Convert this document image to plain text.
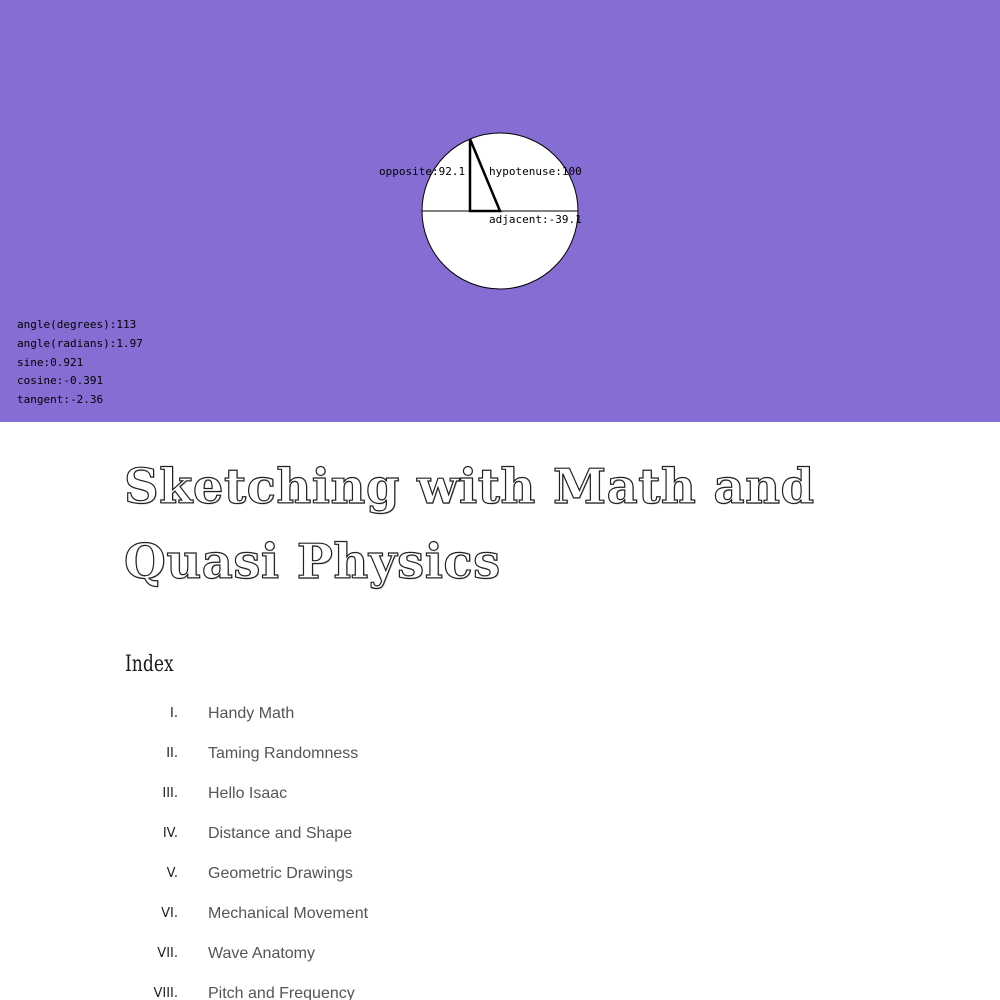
opposite:92.1 hypotenuse:100
adjacent:-39.1
angle(degrees):113
angle(radians):1.97
sine:0.921
cosine:-0.391
tangent:-2.36
Sketching with Math and Quasi Physics
Index
I. Handy Math
II. Taming Randomness
III. Hello Isaac
IV. Distance and Shape
V. Geometric Drawings
VI. Mechanical Movement
VII. Wave Anatomy
VIII. Pitch and Frequency
